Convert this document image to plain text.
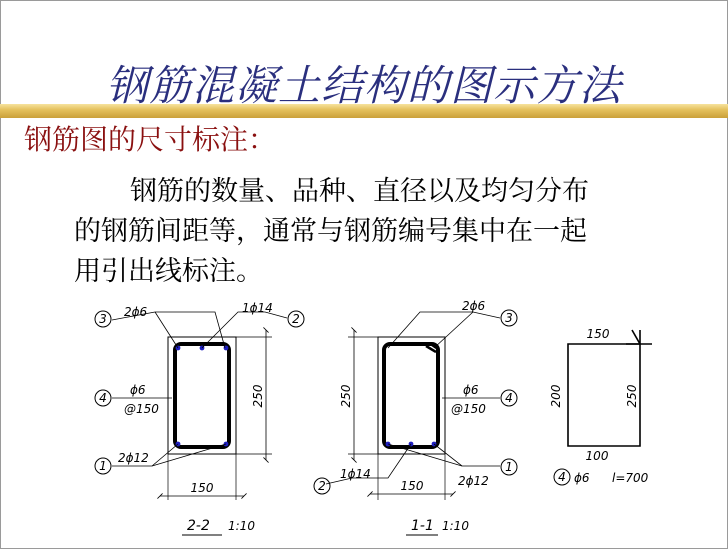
钢筋混凝土结构的图示方法
钢筋图的尺寸标注：

钢筋的数量、品种、直径以及均匀分布

的钢筋间距等，通常与钢筋编号集中在一起

用引出线标注。

3	2
4
1
2ϕ6	1ϕ14
ϕ6
@150
2ϕ12
250
150
2-2 1:10
3
4
2
1
2ϕ6
ϕ6
@150
1ϕ14	2ϕ12
250
150
1-1 1:10
150
200	250
100
4 ϕ6 l=700
